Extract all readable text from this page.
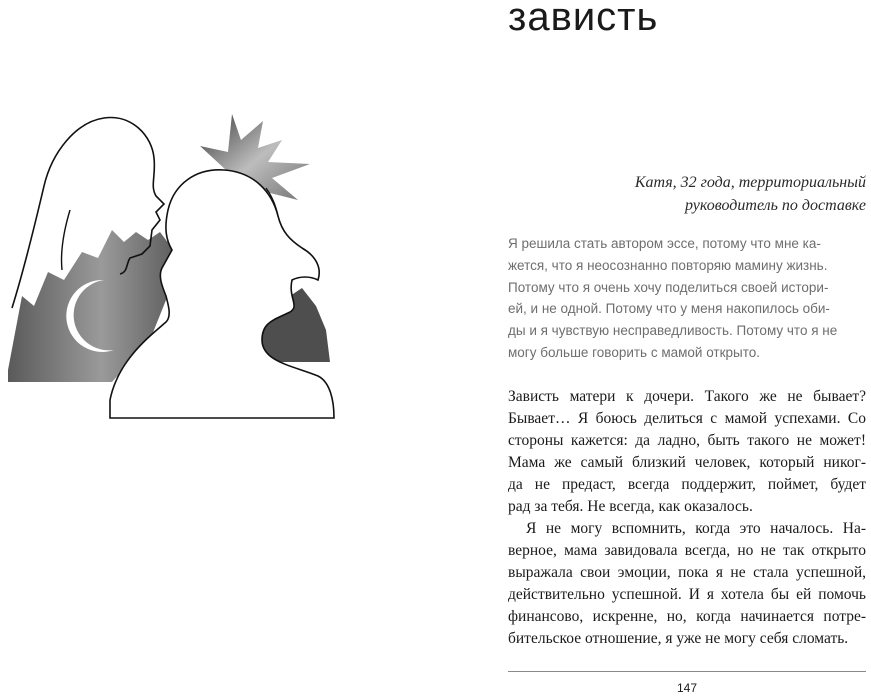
зависть
Катя, 32 года, территориальный
руководитель по доставке
Я решила стать автором эссе, потому что мне ка-
жется, что я неосознанно повторяю мамину жизнь.
Потому что я очень хочу поделиться своей истори-
ей, и не одной. Потому что у меня накопилось оби-
ды и я чувствую несправедливость. Потому что я не
могу больше говорить с мамой открыто.
Зависть матери к дочери. Такого же не бывает?
Бывает… Я боюсь делиться с мамой успехами. Со
стороны кажется: да ладно, быть такого не может!
Мама же самый близкий человек, который никог-
да не предаст, всегда поддержит, поймет, будет
рад за тебя. Не всегда, как оказалось.
Я не могу вспомнить, когда это началось. На-
верное, мама завидовала всегда, но не так открыто
выражала свои эмоции, пока я не стала успешной,
действительно успешной. И я хотела бы ей помочь
финансово, искренне, но, когда начинается потре-
бительское отношение, я уже не могу себя сломать.
147
